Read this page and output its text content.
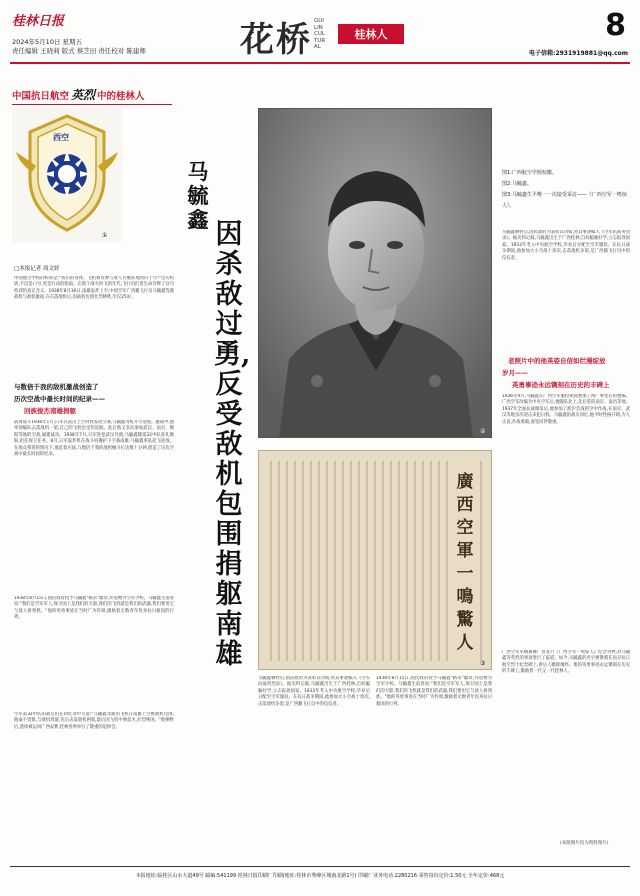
桂林日报
2024年5月10日 星期五
责任编辑 王晓莉 版式 蔡芝田 责任校对 陈建师	花桥 GUILIN CULTURAL
桂林人	8
电子信箱:2931919881@qq.com
中国抗日航空 英烈 中的桂林人
西空
①
□本报记者 周文婷
中国航空学校的校训是:"我们的身体、飞机和炸弹与敌人兵舰阵地同归于尽!"这句校训,不仅是口号,更是行动的指南。在那个战火纷飞的年代,飞行员们用生命诠释了这句校训的真正含义。1938年8月30日,南雄轰炸上空,中国空军广西籍飞行员马毓鑫驾驶战机与敌机激战,在击落敌机后,因战机包围壮烈牺牲,年仅25岁。
与数倍于我的敌机激战创造了
历次空战中最长时间的纪录——
回族俊杰南雄捐躯
武岗战斗1936年1月,日军在武汉上空对我发动空袭,马毓鑫驾机升空迎敌。激战中,他率领编队击落敌机一架,自己的飞机也受伤返航。此后他又多次参加武汉、南昌、衡阳等地的空战,屡建战功。1938年7月,日军进犯武汉外围,马毓鑫随第32中队驻扎衡阳,担任保卫任务。8月,日军轰炸机在战斗机掩护下空袭南雄,马毓鑫率队起飞迎敌。在敌众我寡的情况下,他沉着应战,与数倍于我的敌机缠斗长达数十分钟,创造了历次空战中最长时间的纪录。
1938年8月15日,国民政府授予马毓鑫"格杀"徽章,并追赠为空军少校。马毓鑫生前曾说:"我们是空军军人,保卫国土是我们的天职,我们的飞机就是我们的武器,我们要用它与敌人拼到底。"他的英勇事迹在当时广为传颂,激励着无数青年投身抗日救国的行列。
空军第32中队的战友们在回忆录中写道:"马毓鑫驾驶的飞机在南雄上空被敌机包围,他毫不畏惧,与敌机周旋,先后击落敌机两架,最后因飞机中弹起火,壮烈殉国。"他牺牲后,遗体被运回广西安葬,桂林各界举行了隆重的追悼会。
马毓鑫 因杀敌过勇,反受敌机包围捐躯南雄
②
图1:广西航空学校校徽。
图2:马毓鑫。
图3:马毓鑫生平唯一一次接受采访——《广西空军一鸣惊人》。
马毓鑫牺牲后,国民政府为表彰其功绩,将其事迹编入《空军抗战英烈录》。据史料记载,马毓鑫出生于广西桂林,自幼聪颖好学,立志报效国家。1933年考入中央航空学校,毕业后分配至空军服役。在抗日战争期间,他参加大小空战十余次,击落敌机多架,是广西籍飞行员中的佼佼者。
老照片中的他英姿自信如烂漫绽放
岁月——
英勇事迹永远镌刻在历史的丰碑上
1936年9月,马毓鑫在广西空军服役期间参加了两广事变后的整编。广西空军改编为中央空军后,他随队北上,先后驻防南京、南昌等地。1937年全面抗战爆发后,他参加了淞沪会战的空中作战,在南京、武汉等地多次迎击来犯日机。马毓鑫的战友回忆,他平时性格开朗,为人正直,作战勇敢,深受同伴敬重。
广西空军军械兼修厂曾发行《广西空军一鸣惊人》纪念刊物,对马毓鑫等英烈的事迹进行了报道。如今,马毓鑫的名字被镌刻在南京抗日航空烈士纪念碑上,供后人瞻仰缅怀。他的英勇事迹永远镌刻在历史的丰碑上,激励着一代又一代桂林人。
廣西空軍一鳴驚人
③
马毓鑫牺牲后,国民政府为表彰其功绩,将其事迹编入《空军抗战英烈录》。据史料记载,马毓鑫出生于广西桂林,自幼聪颖好学,立志报效国家。1933年考入中央航空学校,毕业后分配至空军服役。在抗日战争期间,他参加大小空战十余次,击落敌机多架,是广西籍飞行员中的佼佼者。
1938年8月15日,国民政府授予马毓鑫"格杀"徽章,并追赠为空军少校。马毓鑫生前曾说:"我们是空军军人,保卫国土是我们的天职,我们的飞机就是我们的武器,我们要用它与敌人拼到底。"他的英勇事迹在当时广为传颂,激励着无数青年投身抗日救国的行列。
(本版图片均为资料图片)
本报地址:临桂区山水大道49号 邮编:541199 桂林日报印刷厂印刷(地址:桂林市秀峰区城南北路1号) 印刷厂业务电话:2280216 零售每份定价:1.50元 全年定价:468元
